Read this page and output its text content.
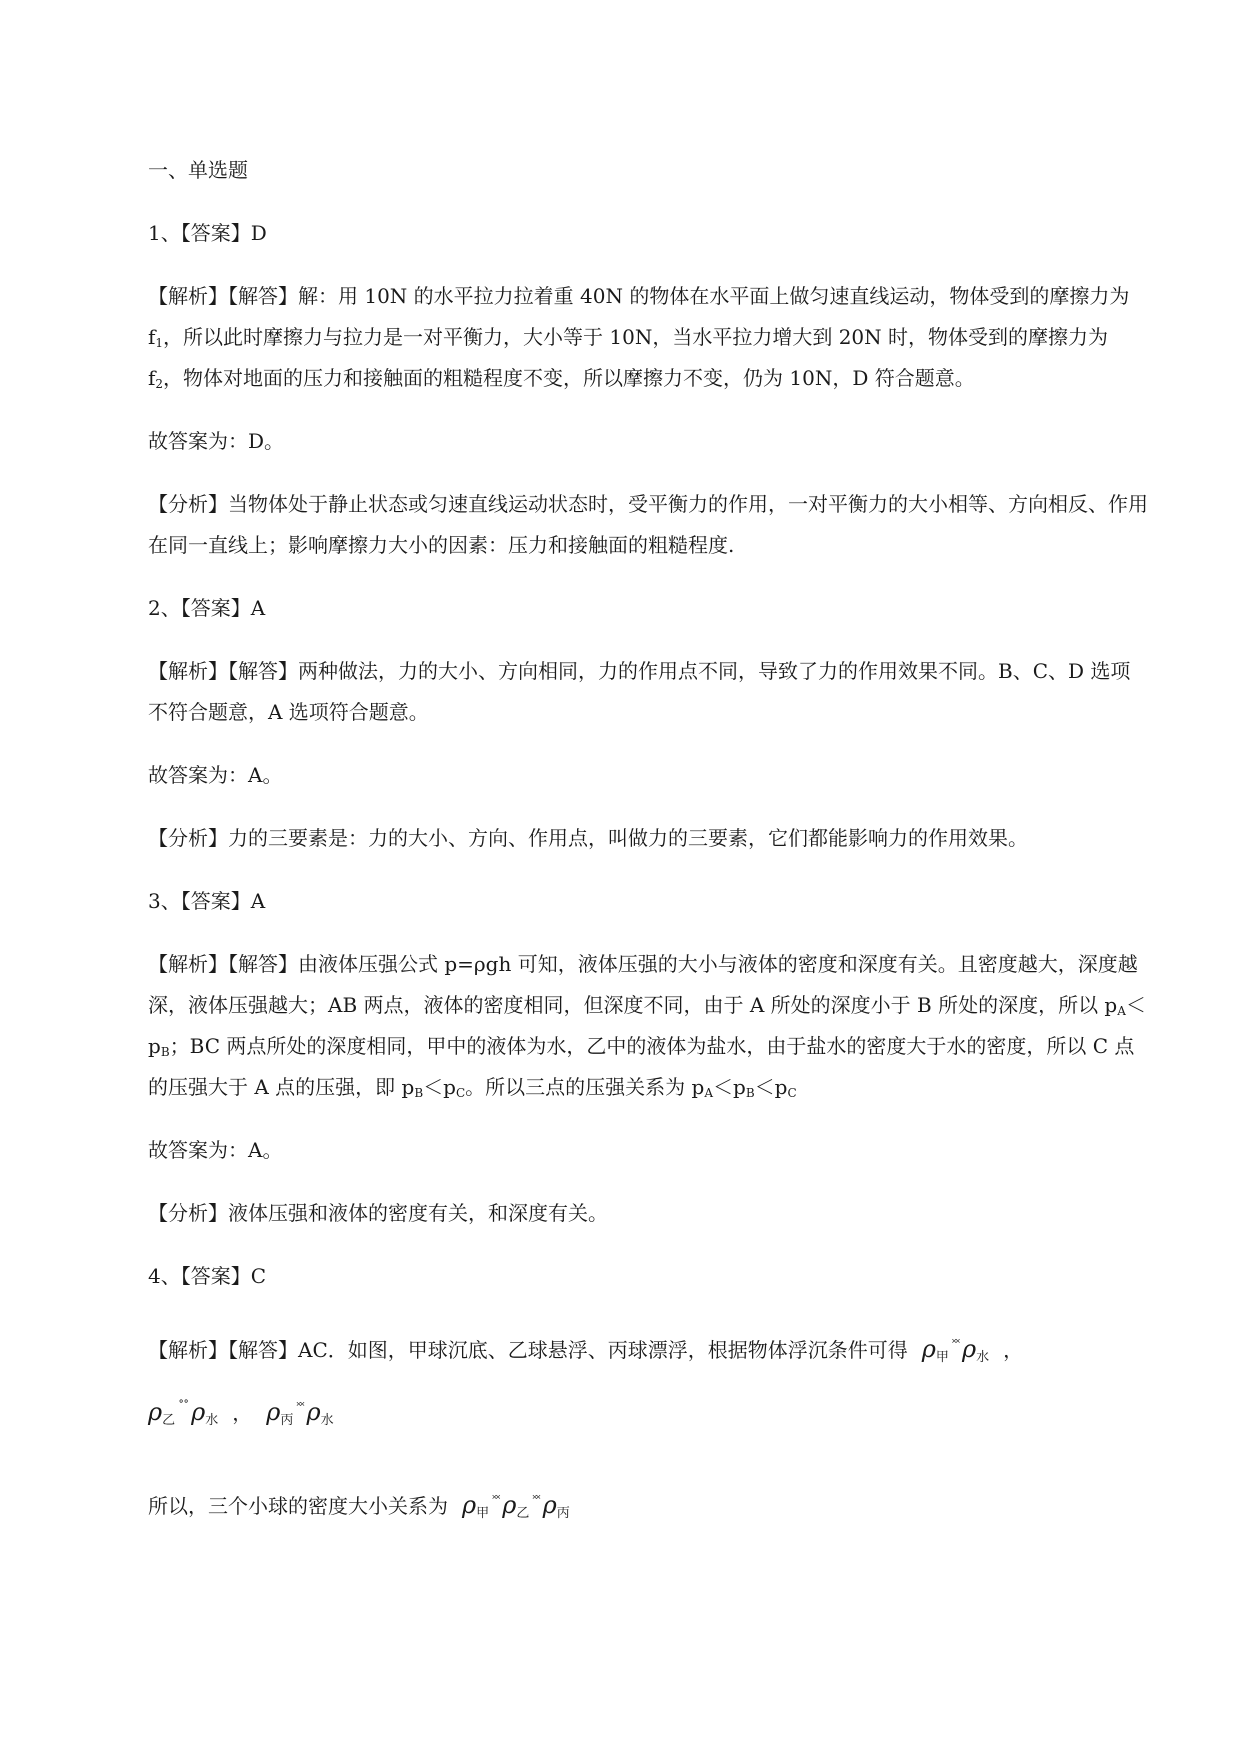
一、单选题

1、【答案】D

【解析】【解答】解：用 10N 的水平拉力拉着重 40N 的物体在水平面上做匀速直线运动，物体受到的摩擦力为 $f_1$，所以此时摩擦力与拉力是一对平衡力，大小等于 10N，当水平拉力增大到 20N 时，物体受到的摩擦力为 $f_2$，物体对地面的压力和接触面的粗糙程度不变，所以摩擦力不变，仍为 10N，D 符合题意。

故答案为：D。

【分析】当物体处于静止状态或匀速直线运动状态时，受平衡力的作用，一对平衡力的大小相等、方向相反、作用在同一直线上；影响摩擦力大小的因素：压力和接触面的粗糙程度.

2、【答案】A

【解析】【解答】两种做法，力的大小、方向相同，力的作用点不同，导致了力的作用效果不同。B、C、D 选项不符合题意，A 选项符合题意。

故答案为：A。

【分析】力的三要素是：力的大小、方向、作用点，叫做力的三要素，它们都能影响力的作用效果。

3、【答案】A

【解析】【解答】由液体压强公式 p=ρgh 可知，液体压强的大小与液体的密度和深度有关。且密度越大，深度越深，液体压强越大；AB 两点，液体的密度相同，但深度不同，由于 A 所处的深度小于 B 所处的深度，所以 $p_A<p_B$；BC 两点所处的深度相同，甲中的液体为水，乙中的液体为盐水，由于盐水的密度大于水的密度，所以 C 点的压强大于 A 点的压强，即 $p_B<p_C$。所以三点的压强关系为 $p_A<p_B<p_C$

故答案为：A。

【分析】液体压强和液体的密度有关，和深度有关。

4、【答案】C

【解析】【解答】AC．如图，甲球沉底、乙球悬浮、丙球漂浮，根据物体浮沉条件可得 $\rho_甲^{˟˟}$ $\rho_水$ ，
$\rho_乙^{˚˚}$ $\rho_水$ ， $\rho_丙^{˟˟}$ $\rho_水$

所以，三个小球的密度大小关系为 $\rho_甲^{˟˟}$ $\rho_乙^{˟˟}$ $\rho_丙$
